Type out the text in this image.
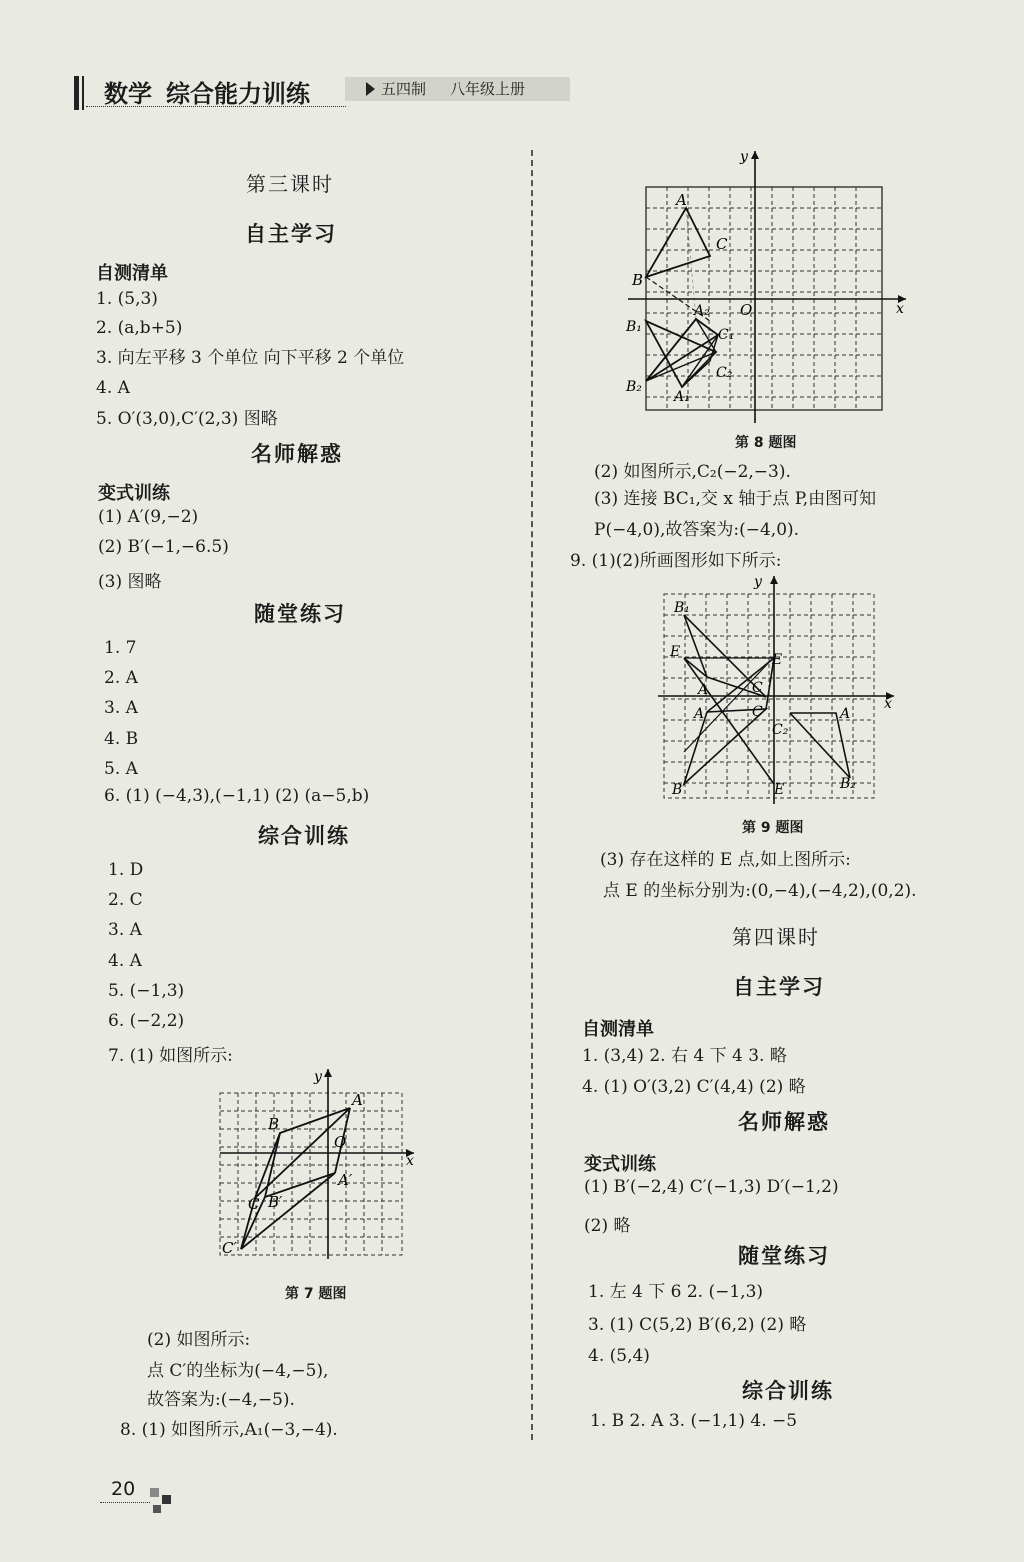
数学 综合能力训练	五四制 八年级上册
第三课时
自主学习
自测清单
1. (5,3)
2. (a,b+5)
3. 向左平移 3 个单位 向下平移 2 个单位
4. A
5. O′(3,0),C′(2,3) 图略
名师解惑
变式训练
(1) A′(9,−2)
(2) B′(−1,−6.5)
(3) 图略
随堂练习
1. 7
2. A
3. A
4. B
5. A
6. (1) (−4,3),(−1,1) (2) (a−5,b)
综合训练
1. D
2. C
3. A
4. A
5. (−1,3)
6. (−2,2)
7. (1) 如图所示:
A
B
O
A′
B′
C
C′
x
y
第 7 题图
(2) 如图所示:
点 C′的坐标为(−4,−5),
故答案为:(−4,−5).
8. (1) 如图所示,A₁(−3,−4).
20
A
C
B
A₂ O	x
y
B₁	C₁
C₂
B₂
A₁
第 8 题图
(2) 如图所示,C₂(−2,−3).
(3) 连接 BC₁,交 x 轴于点 P,由图可知
P(−4,0),故答案为:(−4,0).
9. (1)(2)所画图形如下所示:
B₁
E	E
A	C
A	C
C₂
A
B	E	B₂
x
y
第 9 题图
(3) 存在这样的 E 点,如上图所示:
点 E 的坐标分别为:(0,−4),(−4,2),(0,2).
第四课时
自主学习
自测清单
1. (3,4) 2. 右 4 下 4 3. 略
4. (1) O′(3,2) C′(4,4) (2) 略
名师解惑
变式训练
(1) B′(−2,4) C′(−1,3) D′(−1,2)
(2) 略
随堂练习
1. 左 4 下 6 2. (−1,3)
3. (1) C(5,2) B′(6,2) (2) 略
4. (5,4)
综合训练
1. B 2. A 3. (−1,1) 4. −5
